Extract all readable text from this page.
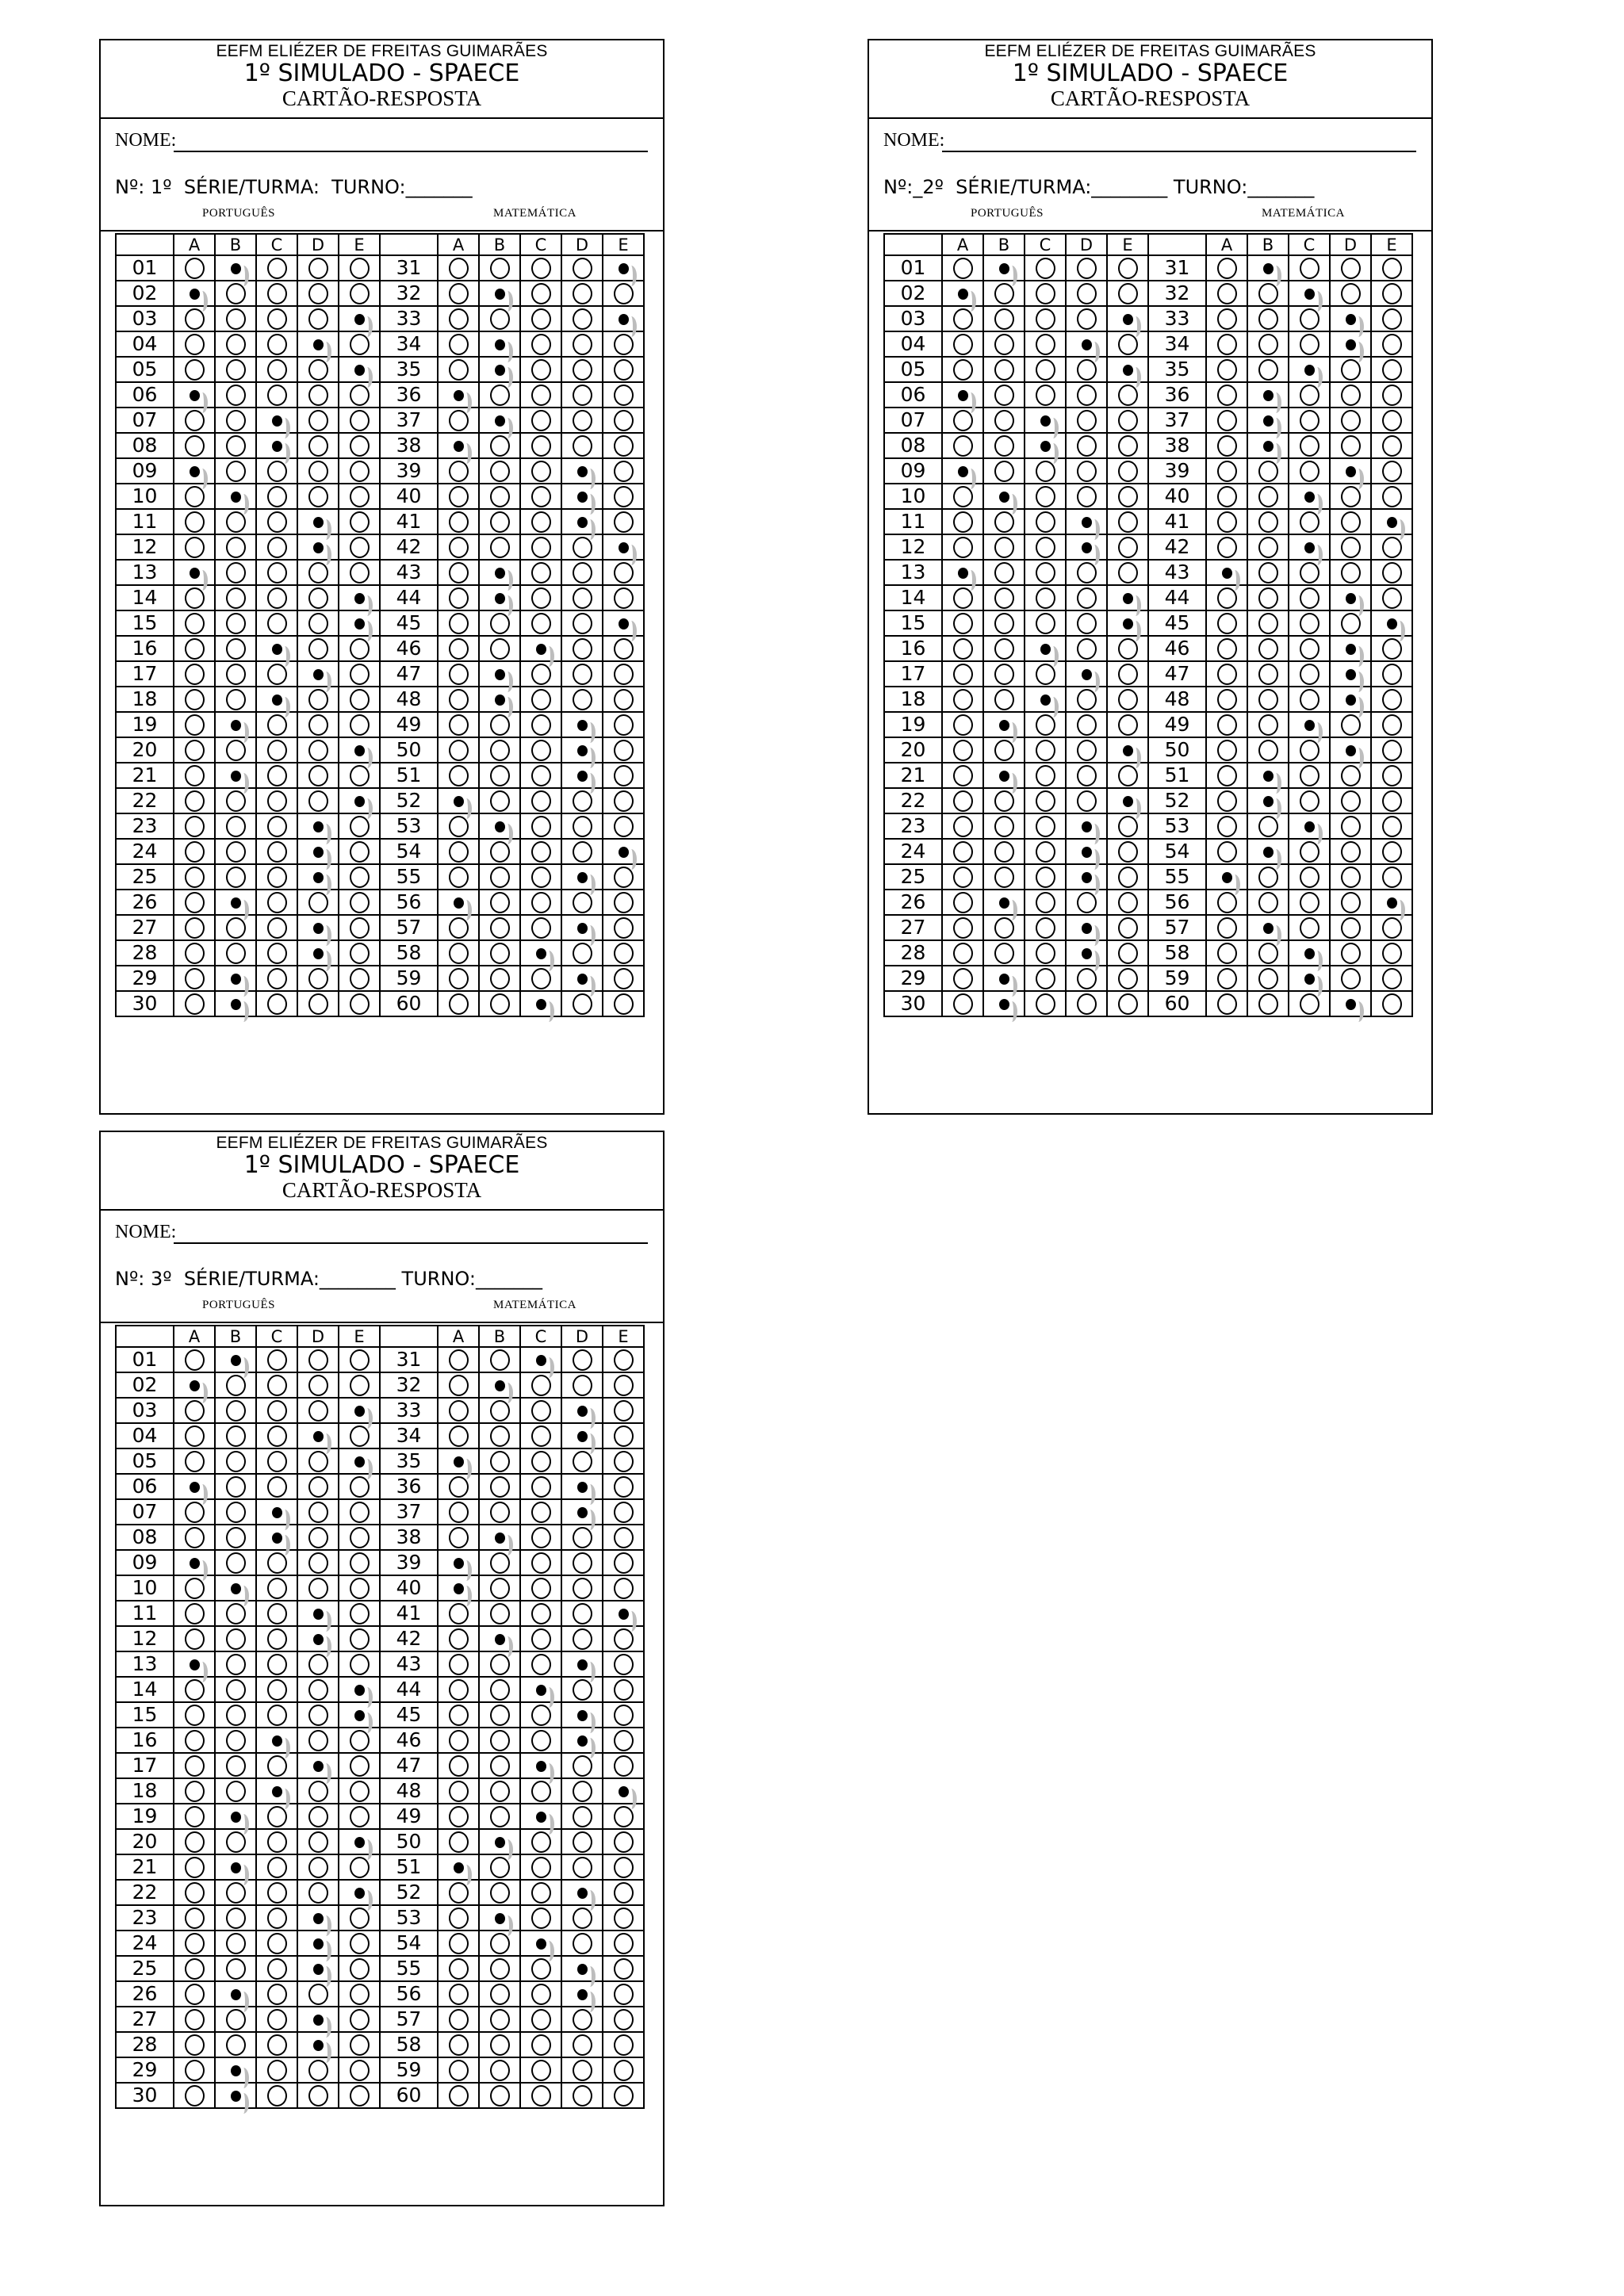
EEFM ELIÉZER DE FREITAS GUIMARÃES
1º SIMULADO - SPAECE
CARTÃO-RESPOSTA
NOME:
Nº: 1º  SÉRIE/TURMA:  TURNO:_______
PORTUGUÊS	MATEMÁTICA
	A	B	C	D	E		A	B	C	D	E
01						31					
02						32					
03						33					
04						34					
05						35					
06						36					
07						37					
08						38					
09						39					
10						40					
11						41					
12						42					
13						43					
14						44					
15						45					
16						46					
17						47					
18						48					
19						49					
20						50					
21						51					
22						52					
23						53					
24						54					
25						55					
26						56					
27						57					
28						58					
29						59					
30						60					
EEFM ELIÉZER DE FREITAS GUIMARÃES
1º SIMULADO - SPAECE
CARTÃO-RESPOSTA
NOME:
Nº:_2º  SÉRIE/TURMA:________ TURNO:_______
PORTUGUÊS	MATEMÁTICA
	A	B	C	D	E		A	B	C	D	E
01						31					
02						32					
03						33					
04						34					
05						35					
06						36					
07						37					
08						38					
09						39					
10						40					
11						41					
12						42					
13						43					
14						44					
15						45					
16						46					
17						47					
18						48					
19						49					
20						50					
21						51					
22						52					
23						53					
24						54					
25						55					
26						56					
27						57					
28						58					
29						59					
30						60					
EEFM ELIÉZER DE FREITAS GUIMARÃES
1º SIMULADO - SPAECE
CARTÃO-RESPOSTA
NOME:
Nº: 3º  SÉRIE/TURMA:________ TURNO:_______
PORTUGUÊS	MATEMÁTICA
	A	B	C	D	E		A	B	C	D	E
01						31					
02						32					
03						33					
04						34					
05						35					
06						36					
07						37					
08						38					
09						39					
10						40					
11						41					
12						42					
13						43					
14						44					
15						45					
16						46					
17						47					
18						48					
19						49					
20						50					
21						51					
22						52					
23						53					
24						54					
25						55					
26						56					
27						57					
28						58					
29						59					
30						60					
